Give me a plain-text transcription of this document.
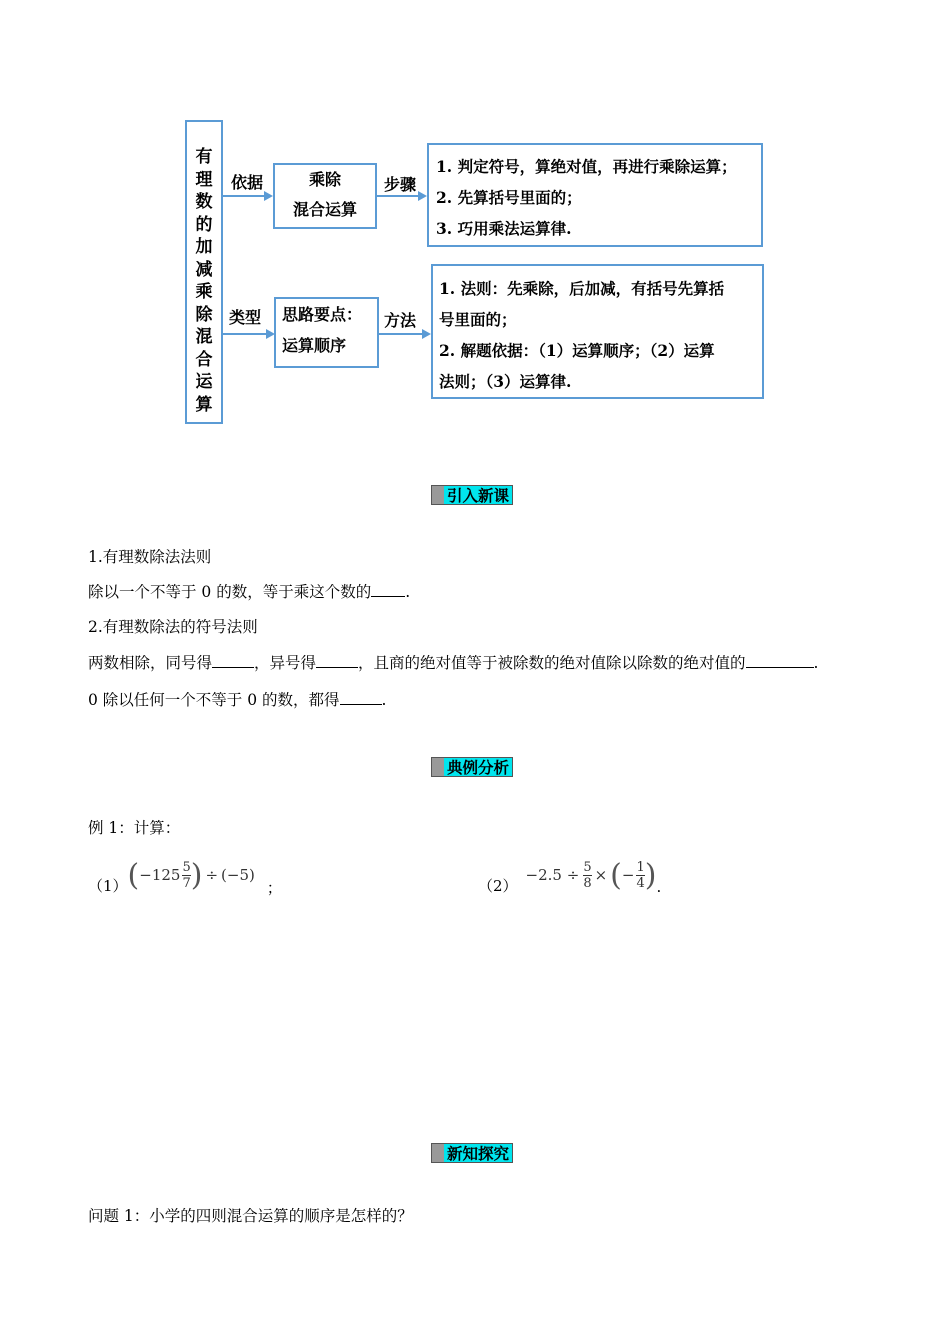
有
理
数
的
加
减
乘
除
混
合
运
算
依据
类型
乘除
混合运算
思路要点：
运算顺序
步骤
方法
1. 判定符号，算绝对值，再进行乘除运算；
2. 先算括号里面的；
3. 巧用乘法运算律.
1. 法则：先乘除，后加减，有括号先算括
号里面的；
2. 解题依据：（1）运算顺序；（2）运算
法则；（3）运算律.
引入新课
1.有理数除法法则
除以一个不等于 0 的数，等于乘这个数的 .
2.有理数除法的符号法则
两数相除，同号得	，异号得	，且商的绝对值等于被除数的绝对值除以除数的绝对值的	.
0 除以任何一个不等于 0 的数，都得	.
典例分析
例 1：计算：
（1） ( $-125 \frac{5}{7}$ ) ÷ (−5)
；	（2）
$-2.5 \div \frac{5}{8}$ × ( − $\frac{1}{4}$ ) .
新知探究
问题 1：小学的四则混合运算的顺序是怎样的？
